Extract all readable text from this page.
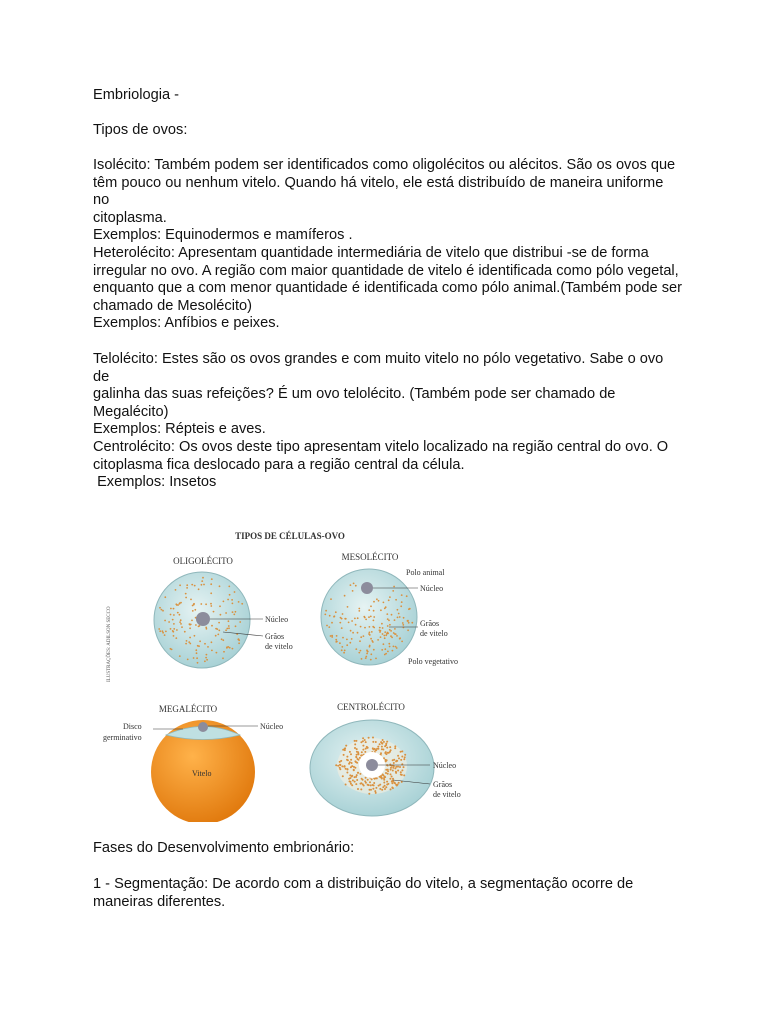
Embriologia -

Tipos de ovos:

Isolécito: Também podem ser identificados como oligolécitos ou alécitos. São os ovos que

têm pouco ou nenhum vitelo. Quando há vitelo, ele está distribuído de maneira uniforme no

citoplasma.

Exemplos: Equinodermos e mamíferos .

Heterolécito: Apresentam quantidade intermediária de vitelo que distribui -se de forma

irregular no ovo. A região com maior quantidade de vitelo é identificada como pólo vegetal,

enquanto que a com menor quantidade é identificada como pólo animal.(Também pode ser

chamado de Mesolécito)

Exemplos: Anfíbios e peixes.

Telolécito: Estes são os ovos grandes e com muito vitelo no pólo vegetativo. Sabe o ovo de

galinha das suas refeições? É um ovo telolécito. (Também pode ser chamado de

Megalécito)

Exemplos: Répteis e aves.

Centrolécito: Os ovos deste tipo apresentam vitelo localizado na região central do ovo. O

citoplasma fica deslocado para a região central da célula.

Exemplos: Insetos

TIPOS DE CÉLULAS-OVO
ILUSTRAÇÕES: ADILSON SECCO
OLIGOLÉCITO
Núcleo
Grãos
de vitelo
MESOLÉCITO
Polo animal
Núcleo
Grãos
de vitelo
Polo vegetativo
MEGALÉCITO
Núcleo
Disco
germinativo
Vitelo
CENTROLÉCITO
Núcleo
Grãos
de vitelo

Fases do Desenvolvimento embrionário:

1 - Segmentação: De acordo com a distribuição do vitelo, a segmentação ocorre de

maneiras diferentes.
